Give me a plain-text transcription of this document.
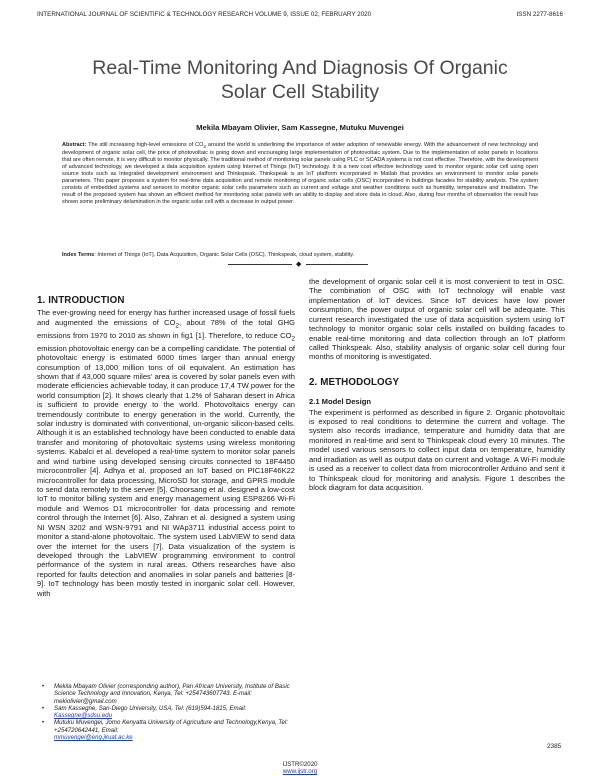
INTERNATIONAL JOURNAL OF SCIENTIFIC & TECHNOLOGY RESEARCH VOLUME 9, ISSUE 02, FEBRUARY 2020	ISSN 2277-8616
Real-Time Monitoring And Diagnosis Of Organic
Solar Cell Stability
Mekila Mbayam Olivier, Sam Kassegne, Mutuku Muvengei

Abstract: The still increasing high-level emissions of $CO_2$ around the world is underlining the importance of wider adoption of renewable energy. With the advancement of new technology and development of organic solar cell, the price of photovoltaic is going down and encouraging large implementation of photovoltaic system. Due to the implementation of solar panels in locations that are often remote, it is very difficult to monitor physically. The traditional method of monitoring solar panels using PLC or SCADA systems is not cost effective. Therefore, with the development of advanced technology, we developed a data acquisition system using Internet of Things (IoT) technology. It is a new cost effective technology used to monitor organic solar cell using open source tools such as Integrated development environment and Thinkspeak. Thinkspeak is an IoT platform incorporated in Matlab that provides an environment to monitor solar panels parameters. This paper proposes a system for real-time data acquisition and remote monitoring of organic solar cells (OSC) incorporated in buildings facades for stability analysis. The system consists of embedded systems and sensors to monitor organic solar cells parameters such as current and voltage and weather conditions such as humidity, temperature and irradiation. The result of the proposed system has shown an efficient method for monitoring solar panels with an ability to display and store data in cloud. Also, during four months of observation the result has shown some preliminary delamination in the organic solar cell with a decrease in output power.

Index Terms: Internet of Things (IoT), Data Acquisition, Organic Solar Cells (OSC), Thinkspeak, cloud system, stability.

◆
1. INTRODUCTION

The ever-growing need for energy has further increased usage of fossil fuels and augmented the emissions of $CO_2$, about 78% of the total GHG emissions from 1970 to 2010 as shown in fig1 [1]. Therefore, to reduce $CO_2$ emission photovoltaic energy can be a compelling candidate. The potential of photovoltaic energy is estimated 6000 times larger than annual energy consumption of 13,000 million tons of oil equivalent. An estimation has shown that if 43,000 square miles’ area is covered by solar panels even with moderate efficiencies achievable today, it can produce 17,4 TW power for the world consumption [2]. It shows clearly that 1.2% of Saharan desert in Africa is sufficient to provide energy to the world. Photovoltaics energy can tremendously contribute to energy generation in the world. Currently, the solar industry is dominated with conventional, un-organic silicon-based cells. Although it is an established technology have been conducted to enable data transfer and monitoring of photovoltaic systems using wireless monitoring systems. Kabalci et al. developed a real-time system to monitor solar panels and wind turbine using developed sensing circuits connected to 18F4450 microcontroller [4]. Adhya et al. proposed an IoT based on PIC18F46K22 microcontroller for data processing, MicroSD for storage, and GPRS module to send data remotely to the server [5]. Choorsang et al. designed a low-cost IoT to monitor billing system and energy management using ESP8266 Wi-Fi module and Wemos D1 microcontroller for data processing and remote control through the Internet [6]. Also, Zahran et al. designed a system using NI WSN 3202 and WSN-9791 and NI WAp3711 industrial access point to monitor a stand-alone photovoltaic. The system used LabVIEW to send data over the internet for the users [7]. Data visualization of the system is developed through the LabVIEW programming environment to control performance of the system in rural areas. Others researches have also reported for faults detection and anomalies in solar panels and batteries [8-9]. IoT technology has been mostly tested in inorganic solar cell. However, with

the development of organic solar cell it is most convenient to test in OSC. The combination of OSC with IoT technology will enable vast implementation of IoT devices. Since IoT devices have low power consumption, the power output of organic solar cell will be adequate. This current research investigated the use of data acquisition system using IoT technology to monitor organic solar cells installed on building facades to enable real-time monitoring and data collection through an IoT platform called Thinkspeak. Also, stability analysis of organic solar cell during four months of monitoring is investigated.

2. METHODOLOGY
2.1 Model Design

The experiment is performed as described in figure 2. Organic photovoltaic is exposed to real conditions to determine the current and voltage. The system also records irradiance, temperature and humidity data that are monitored in real-time and sent to Thinkspeak cloud every 10 minutes. The model used various sensors to collect input data on temperature, humidity and irradiation as well as output data on current and voltage. A Wi-Fi module is used as a receiver to collect data from microcontroller Arduino and sent it to Thinkspeak cloud for monitoring and analysis. Figure 1 describes the block diagram for data acquisition.

• Mekila Mbayam Olivier (corresponding author), Pan African University, Institute of Basic Science Technology and Innovation, Kenya, Tel: +254743607743. E-mail: mekiolivier@gmail.com
• Sam Kassegne, San-Diego University, USA, Tel: (619)594-1815, Email:
Kassegne@sdsu.edu
• Mutuku Muvengei, Jomo Kenyatta University of Agriculture and Technology,Kenya, Tel: +254720642441, Email:
mmuvengei@eng.jkuat.ac.ke
2385
IJSTR©2020
www.ijstr.org
